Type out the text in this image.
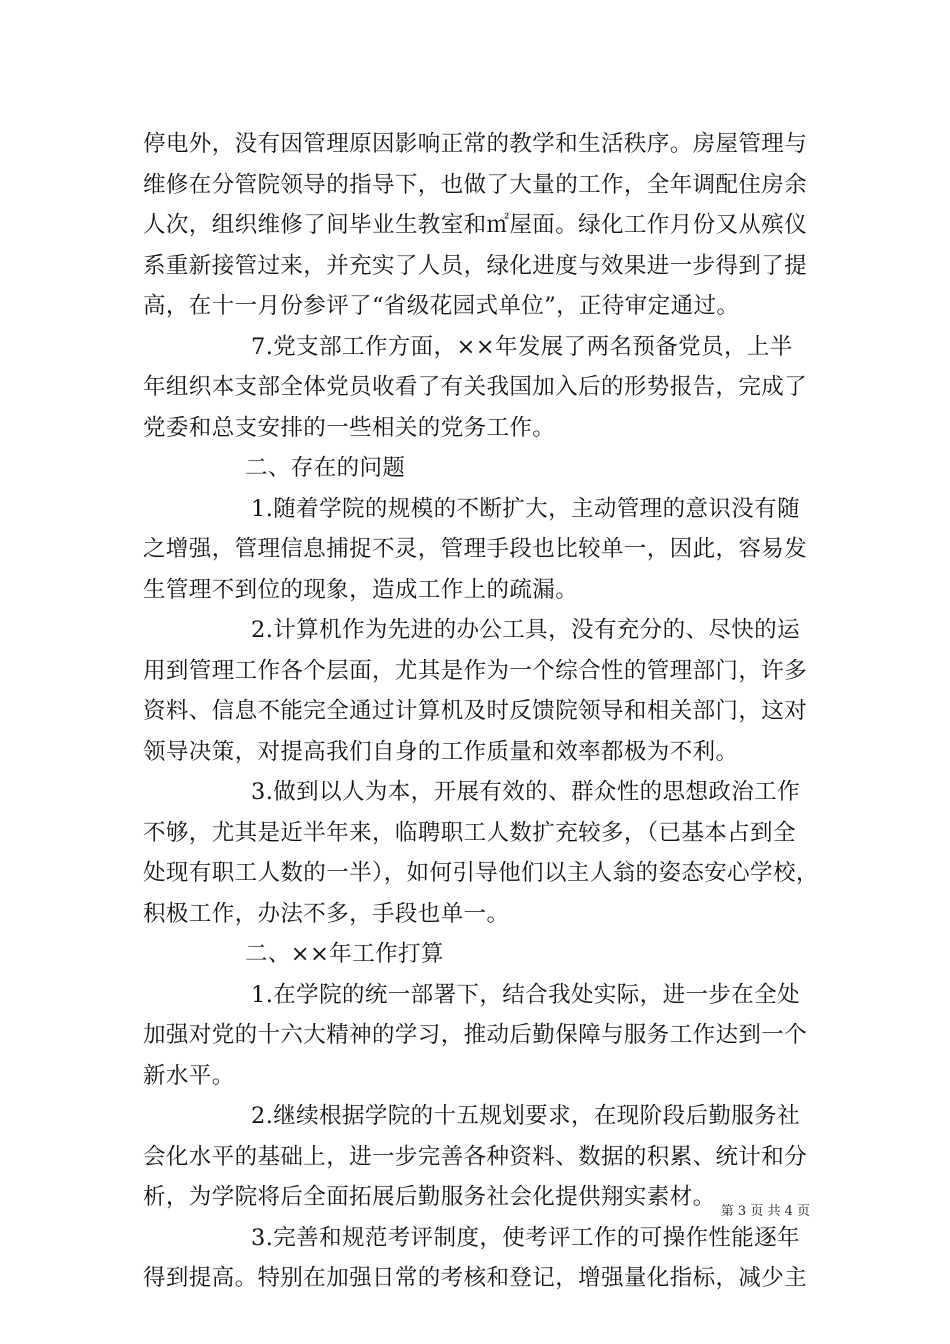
停电外，没有因管理原因影响正常的教学和生活秩序。房屋管理与
维修在分管院领导的指导下，也做了大量的工作，全年调配住房余
人次，组织维修了间毕业生教室和㎡屋面。绿化工作月份又从殡仪
系重新接管过来，并充实了人员，绿化进度与效果进一步得到了提
高，在十一月份参评了“省级花园式单位”，正待审定通过。
7.党支部工作方面，××年发展了两名预备党员，上半
年组织本支部全体党员收看了有关我国加入后的形势报告，完成了
党委和总支安排的一些相关的党务工作。
二、存在的问题
1.随着学院的规模的不断扩大，主动管理的意识没有随
之增强，管理信息捕捉不灵，管理手段也比较单一，因此，容易发
生管理不到位的现象，造成工作上的疏漏。
2.计算机作为先进的办公工具，没有充分的、尽快的运
用到管理工作各个层面，尤其是作为一个综合性的管理部门，许多
资料、信息不能完全通过计算机及时反馈院领导和相关部门，这对
领导决策，对提高我们自身的工作质量和效率都极为不利。
3.做到以人为本，开展有效的、群众性的思想政治工作
不够，尤其是近半年来，临聘职工人数扩充较多，（已基本占到全
处现有职工人数的一半），如何引导他们以主人翁的姿态安心学校，
积极工作，办法不多，手段也单一。
二、××年工作打算
1.在学院的统一部署下，结合我处实际，进一步在全处
加强对党的十六大精神的学习，推动后勤保障与服务工作达到一个
新水平。
2.继续根据学院的十五规划要求，在现阶段后勤服务社
会化水平的基础上，进一步完善各种资料、数据的积累、统计和分
析，为学院将后全面拓展后勤服务社会化提供翔实素材。
3.完善和规范考评制度，使考评工作的可操作性能逐年
得到提高。特别在加强日常的考核和登记，增强量化指标，减少主
第 3 页 共 4 页
